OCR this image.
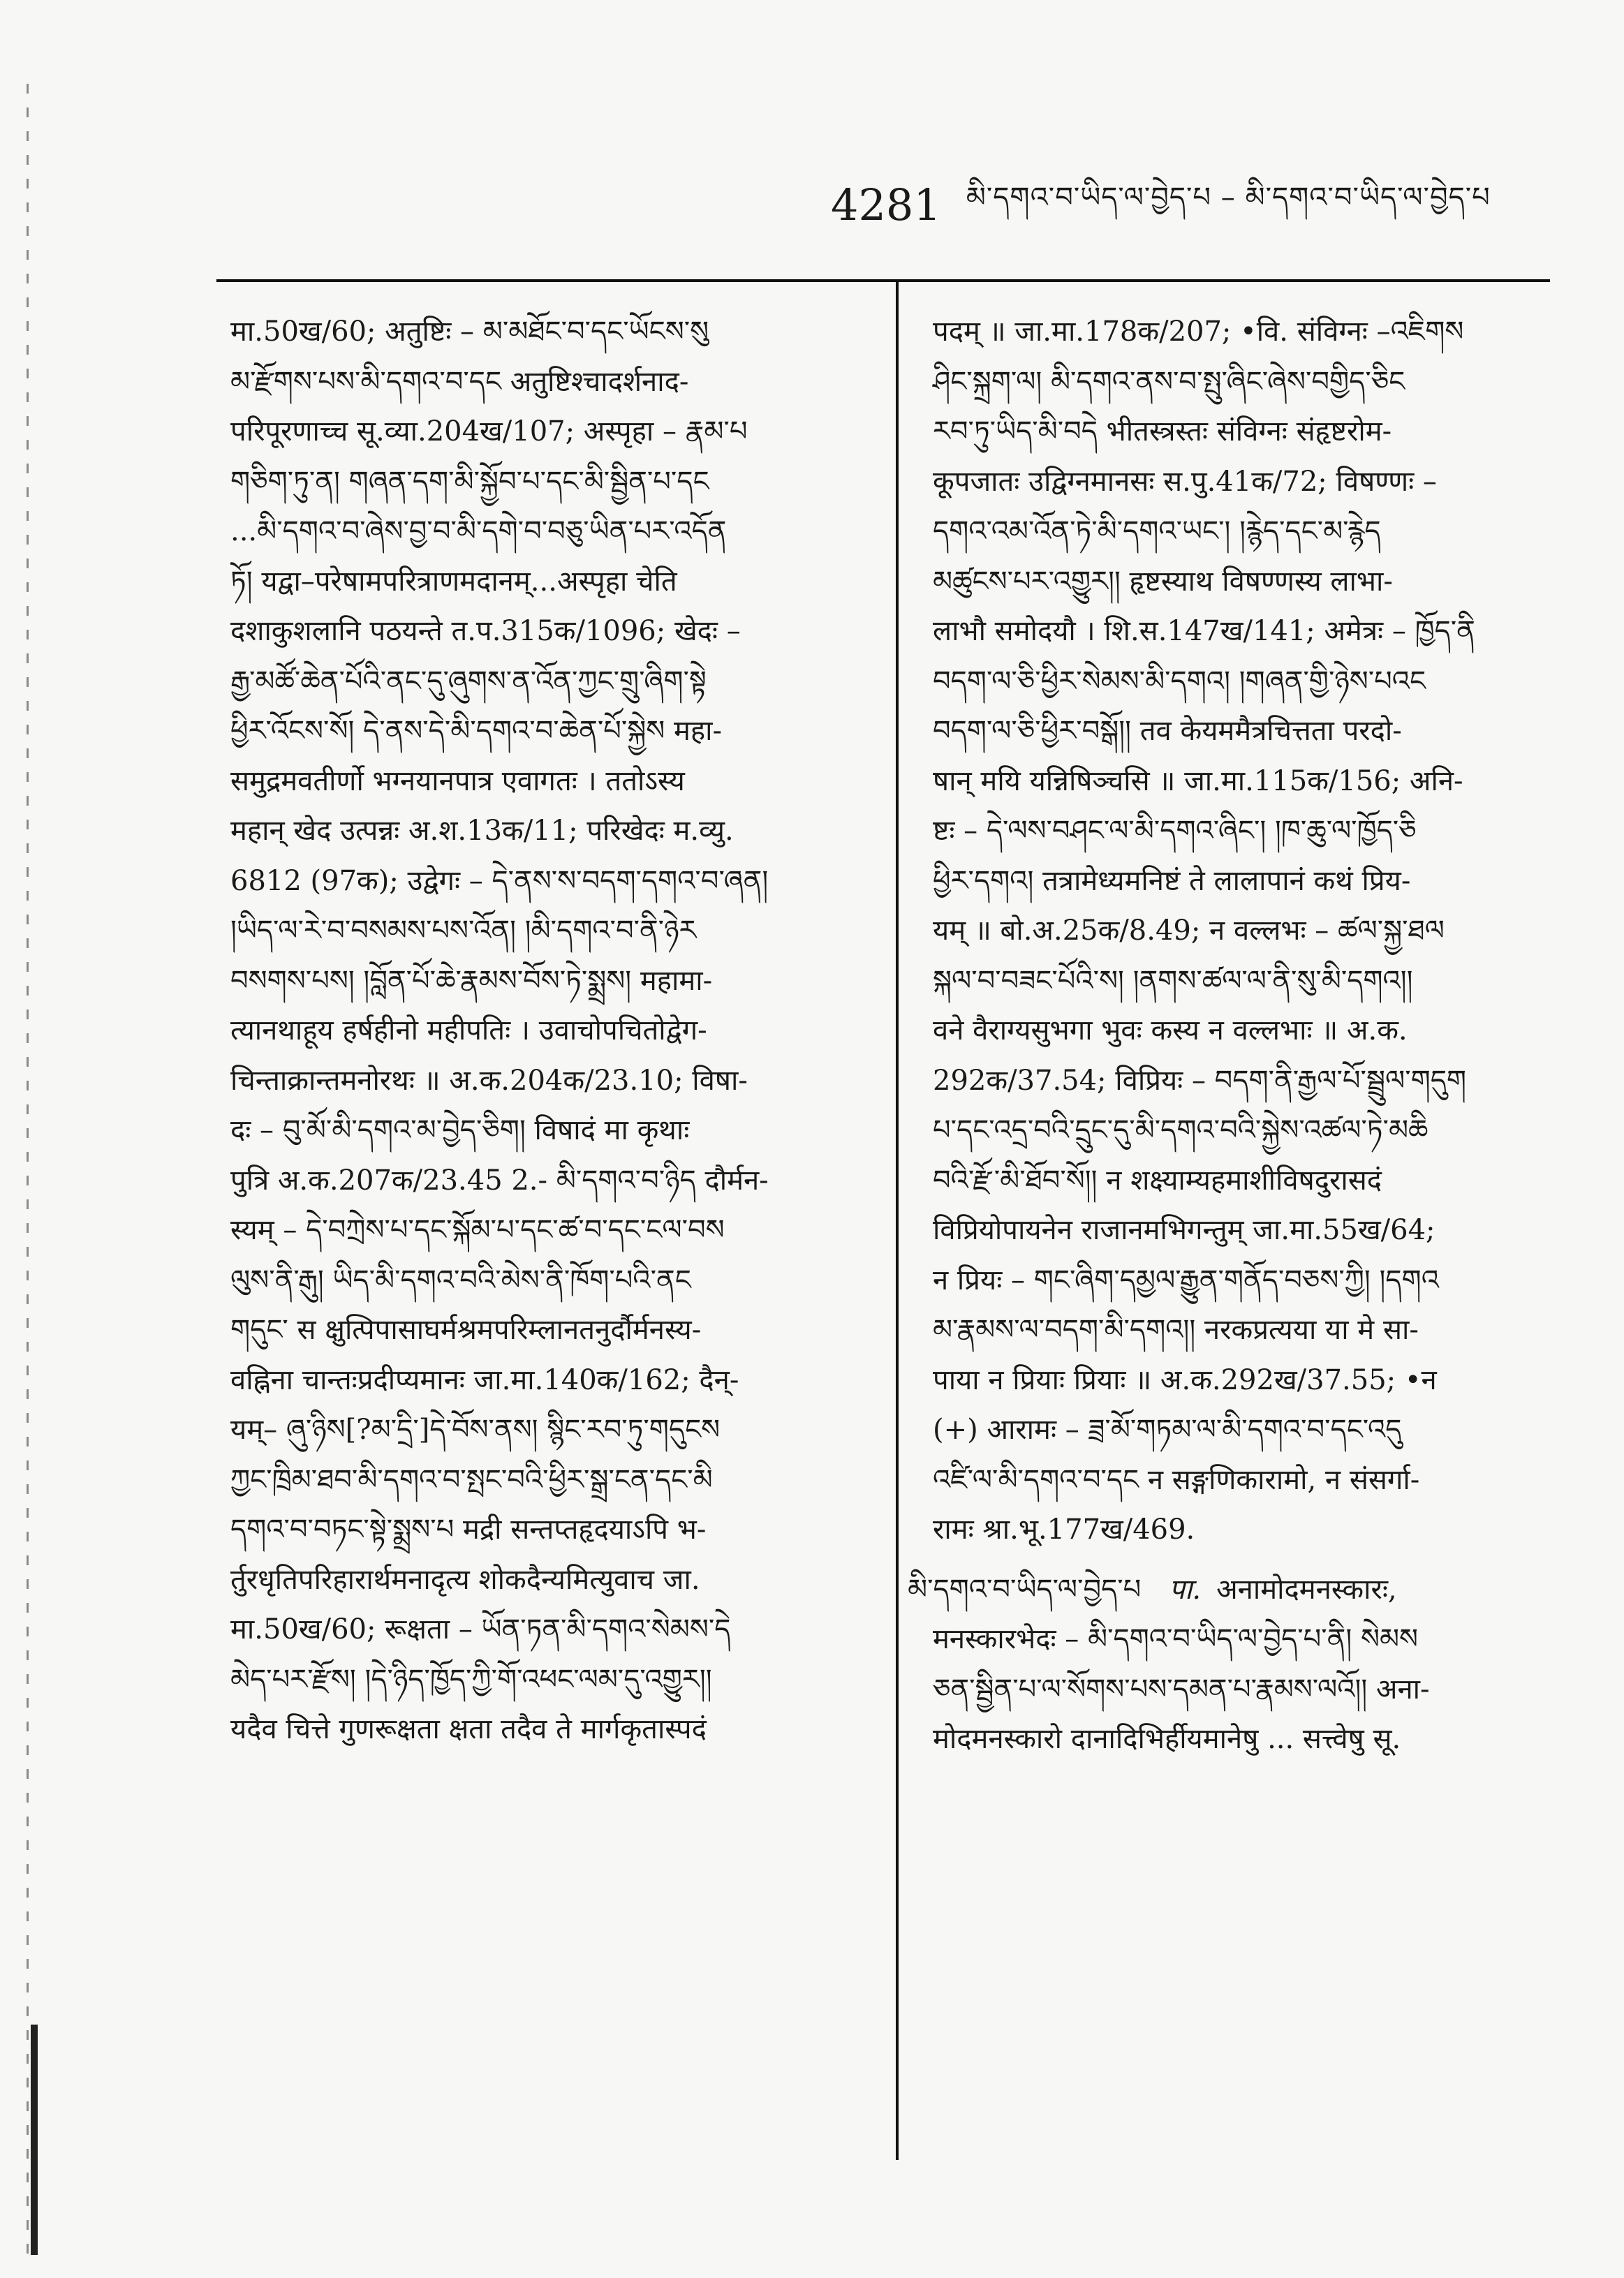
4281 མི་དགའ་བ་ཡིད་ལ་བྱེད་པ – མི་དགའ་བ་ཡིད་ལ་བྱེད་པ
मा.50ख/60; अतुष्टिः – མ་མཐོང་བ་དང་ཡོངས་སུ
མ་རྫོགས་པས་མི་དགའ་བ་དང अतुष्टिश्चादर्शनाद-
परिपूरणाच्च सू.व्या.204ख/107; अस्पृहा – རྣམ་པ
གཅིག་ཏུ་ན། གཞན་དག་མི་སྐྱོབ་པ་དང་མི་སྦྱིན་པ་དང
...མི་དགའ་བ་ཞེས་བྱ་བ་མི་དགེ་བ་བཅུ་ཡིན་པར་འདོན
ཏོ། यद्वा–परेषामपरित्राणमदानम्...अस्पृहा चेति
दशाकुशलानि पठयन्ते त.प.315क/1096; खेदः –
རྒྱ་མཚོ་ཆེན་པོའི་ནང་དུ་ཞུགས་ན་འོན་ཀྱང་གྲུ་ཞིག་སྟེ
ཕྱིར་འོངས་སོ། དེ་ནས་དེ་མི་དགའ་བ་ཆེན་པོ་སྐྱེས महा-
समुद्रमवतीर्णो भग्नयानपात्र एवागतः । ततोऽस्य
महान् खेद उत्पन्नः अ.श.13क/11; परिखेदः म.व्यु.
6812 (97क); उद्वेगः – དེ་ནས་ས་བདག་དགའ་བ་ཞན།
།ཡིད་ལ་རེ་བ་བསམས་པས་འོན། །མི་དགའ་བ་ནི་ཉེར
བསགས་པས། །བློན་པོ་ཆེ་རྣམས་བོས་ཏེ་སྨྲས། महामा-
त्यानथाहूय हर्षहीनो महीपतिः । उवाचोपचितोद्वेग-
चिन्ताक्रान्तमनोरथः ॥ अ.क.204क/23.10; विषा-
दः – བུ་མོ་མི་དགའ་མ་བྱེད་ཅིག། विषादं मा कृथाः
पुत्रि अ.क.207क/23.45 2.- མི་དགའ་བ་ཉིད दौर्मन-
स्यम् – དེ་བཀྲེས་པ་དང་སྐོམ་པ་དང་ཚ་བ་དང་ངལ་བས
ལུས་ནི་རྒུ། ཡིད་མི་དགའ་བའི་མེས་ནི་ཁོག་པའི་ནང
གདུང་ स क्षुत्पिपासाघर्मश्रमपरिम्लानतनुर्दौर्मनस्य-
वह्निना चान्तःप्रदीप्यमानः जा.मा.140क/162; दैन्-
यम्– ཞུ་ཉིས[?མ་དྲི་]དེ་བོས་ནས། སྙིང་རབ་ཏུ་གདུངས
ཀྱང་ཁྲིམ་ཐབ་མི་དགའ་བ་སྤང་བའི་ཕྱིར་སྒྲ་ངན་དང་མི
དགའ་བ་བཏང་སྟེ་སྨྲས་པ मद्री सन्तप्तहृदयाऽपि भ-
र्तुरधृतिपरिहारार्थमनादृत्य शोकदैन्यमित्युवाच जा.
मा.50ख/60; रूक्षता – ཡོན་ཏན་མི་དགའ་སེམས་དེ
མེད་པར་རྫོས། །དེ་ཉིད་ཁྱོད་ཀྱི་གོ་འཕང་ལམ་དུ་འགྱུར།།
यदैव चित्ते गुणरूक्षता क्षता तदैव ते मार्गकृतास्पदं
पदम् ॥ जा.मा.178क/207; •वि. संविग्नः –འཇིགས
ཤིང་སྐྲག་ལ། མི་དགའ་ནས་བ་སྤུ་ཞིང་ཞེས་བགྱིད་ཅིང
རབ་ཏུ་ཡིད་མི་བདེ भीतस्त्रस्तः संविग्नः संहृष्टरोम-
कूपजातः उद्विग्नमानसः स.पु.41क/72; विषण्णः –
དགའ་འམ་འོན་ཏེ་མི་དགའ་ཡང་། །རྙེད་དང་མ་རྙེད
མཚུངས་པར་འགྱུར།། हृष्टस्याथ विषण्णस्य लाभा-
लाभौ समोदयौ । शि.स.147ख/141; अमेत्रः – ཁྱོད་ནི
བདག་ལ་ཅི་ཕྱིར་སེམས་མི་དགའ། །གཞན་གྱི་ཉེས་པའང
བདག་ལ་ཅི་ཕྱིར་བསྒོ།། तव केयममैत्रचित्तता परदो-
षान् मयि यन्निषिञ्चसि ॥ जा.मा.115क/156; अनि-
ष्टः – དེ་ལས་བཤང་ལ་མི་དགའ་ཞིང་། །ཁ་ཆུ་ལ་ཁྱོད་ཅི
ཕྱིར་དགའ། तत्रामेध्यमनिष्टं ते लालापानं कथं प्रिय-
यम् ॥ बो.अ.25क/8.49; न वल्लभः – ཚལ་སྐྱ་ཐལ
སྐལ་བ་བཟང་པོའི་ས། །ནགས་ཚལ་ལ་ནི་སུ་མི་དགའ།།
वने वैराग्यसुभगा भुवः कस्य न वल्लभाः ॥ अ.क.
292क/37.54; विप्रियः – བདག་ནི་རྒྱལ་པོ་སྦྲུལ་གདུག
པ་དང་འདྲ་བའི་དྲུང་དུ་མི་དགའ་བའི་སྐྱེས་འཚལ་ཏེ་མཆི
བའི་རྫོ་མི་ཐོབ་སོ།། न शक्ष्याम्यहमाशीविषदुरासदं
विप्रियोपायनेन राजानमभिगन्तुम् जा.मा.55ख/64;
न प्रियः – གང་ཞིག་དམྱལ་རྒྱུན་གནོད་བཅས་ཀྱི། །དགའ
མ་རྣམས་ལ་བདག་མི་དགའ།། नरकप्रत्यया या मे सा-
पाया न प्रियाः प्रियाः ॥ अ.क.292ख/37.55; •न
(+) आरामः – ཟྲ་མོ་གཏམ་ལ་མི་དགའ་བ་དང་འདུ
འཛི་ལ་མི་དགའ་བ་དང न सङ्गणिकारामो, न संसर्गा-
रामः श्रा.भू.177ख/469.
མི་དགའ་བ་ཡིད་ལ་བྱེད་པ पा. अनामोदमनस्कारः,
मनस्कारभेदः – མི་དགའ་བ་ཡིད་ལ་བྱེད་པ་ནི། སེམས
ཅན་སྦྱིན་པ་ལ་སོགས་པས་དམན་པ་རྣམས་ལའོ།། अना-
मोदमनस्कारो दानादिभिर्हीयमानेषु ... सत्त्वेषु सू.
